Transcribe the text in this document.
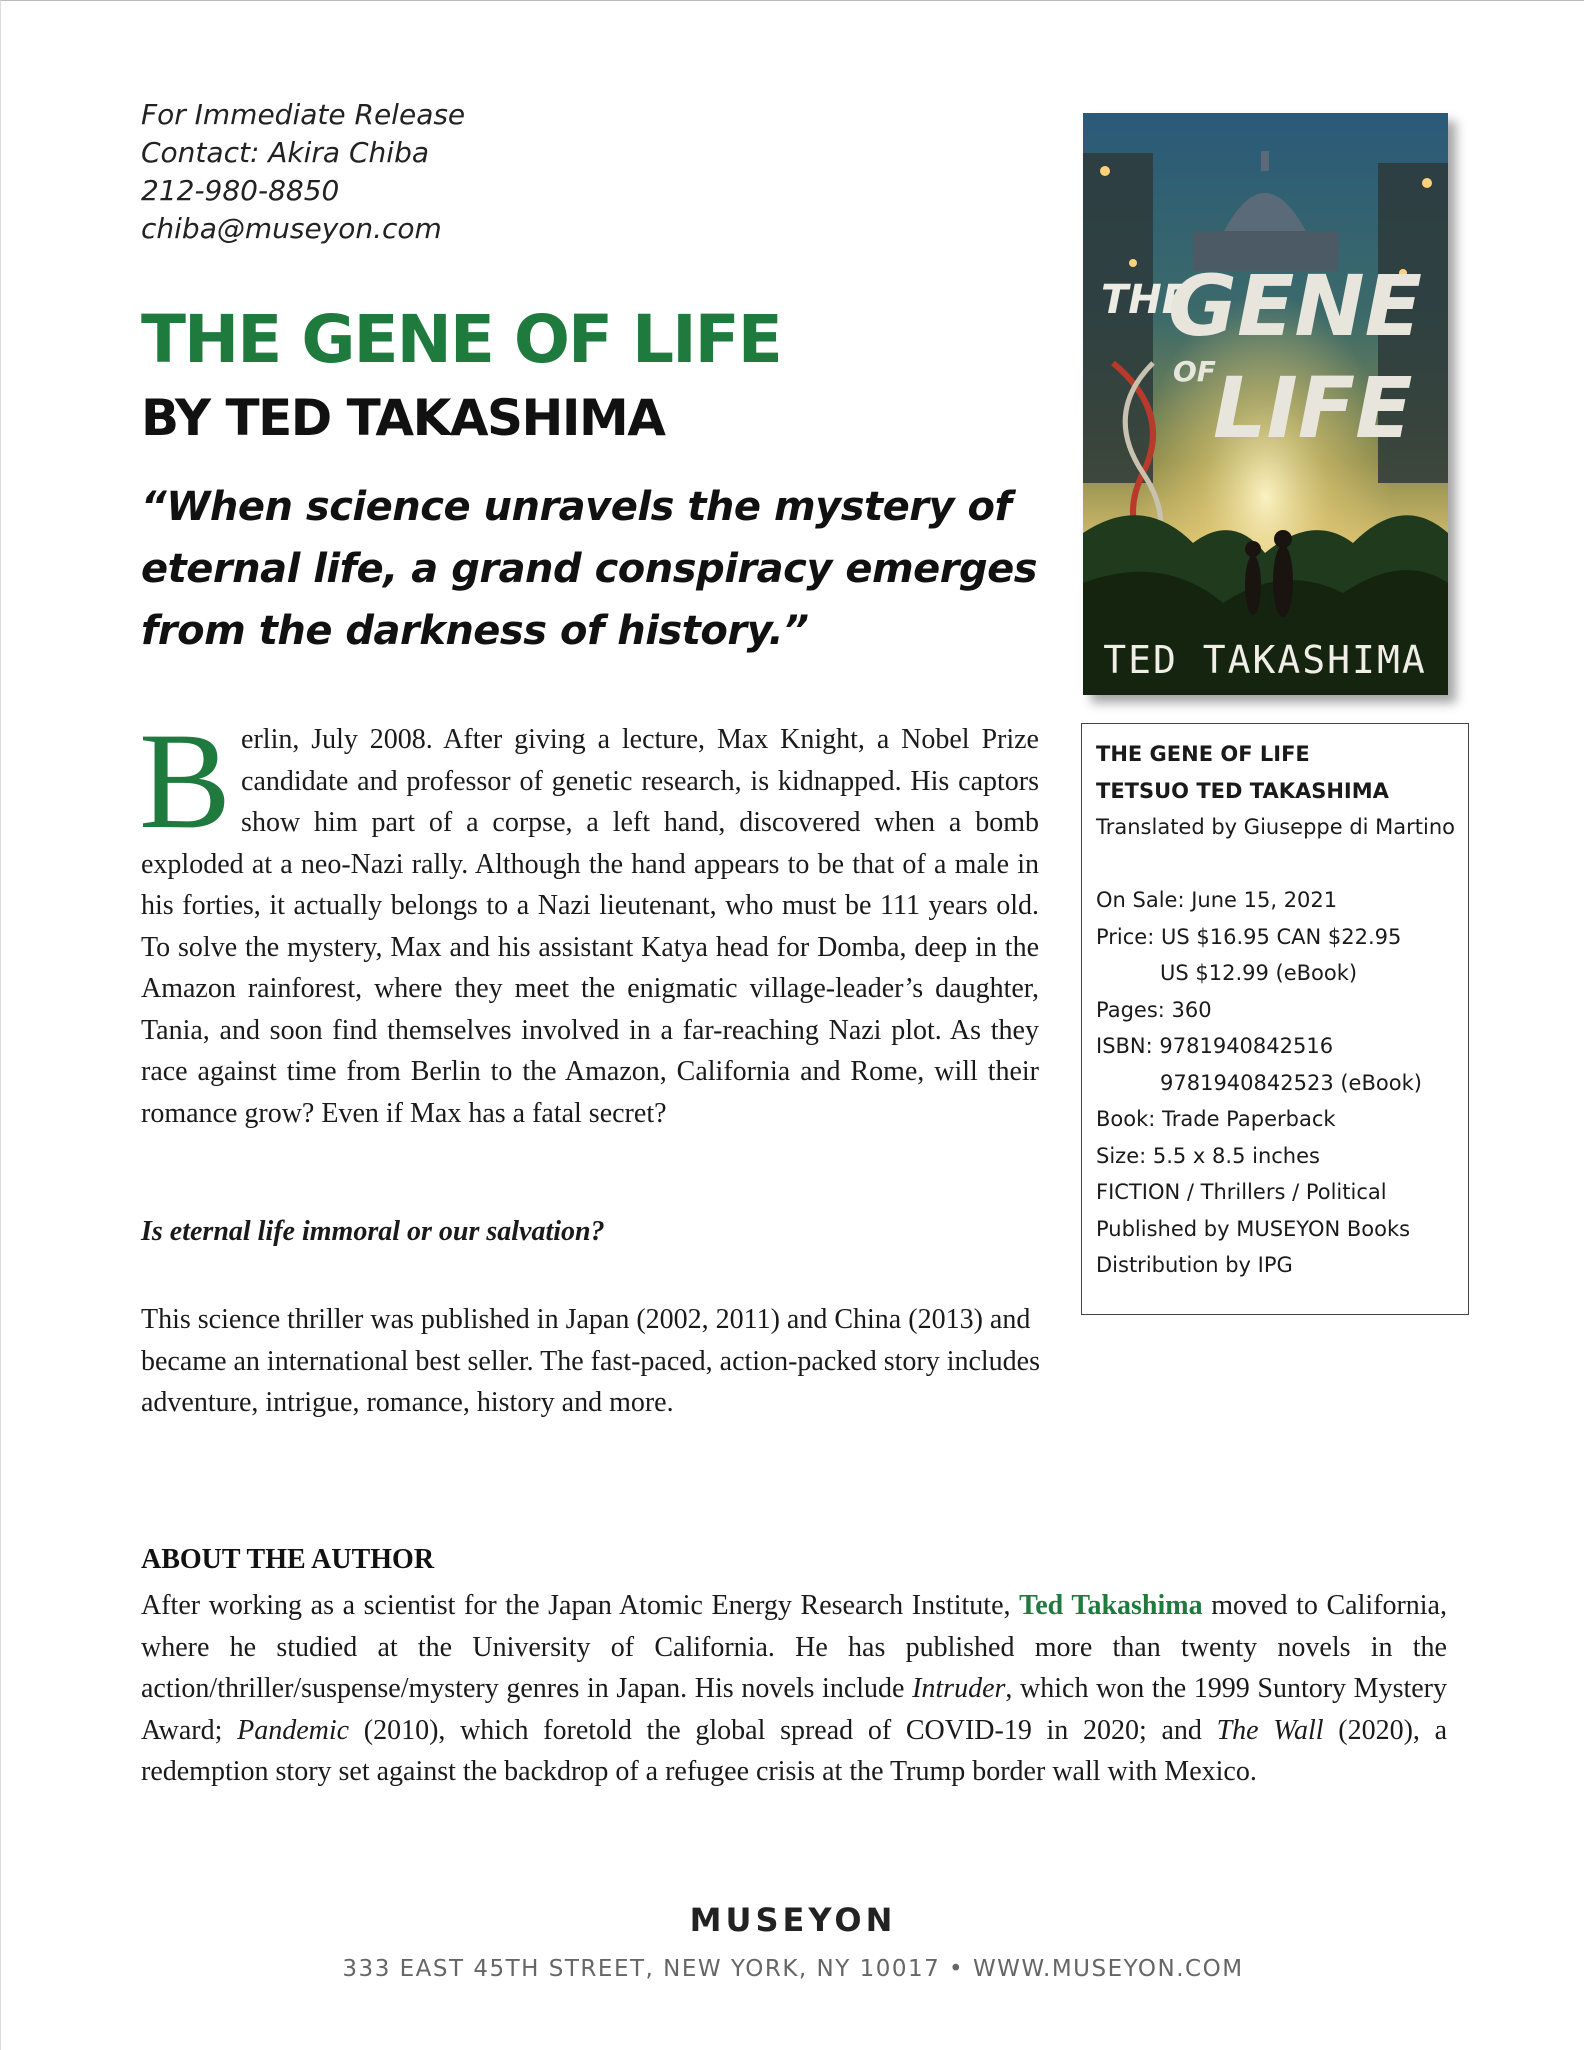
For Immediate Release
Contact: Akira Chiba
212-980-8850
chiba@museyon.com
THE GENE OF LIFE
BY TED TAKASHIMA
“When science unravels the mystery of eternal life, a grand conspiracy emerges from the darkness of history.”
Berlin, July 2008. After giving a lecture, Max Knight, a Nobel Prize candidate and professor of genetic research, is kidnapped. His captors show him part of a corpse, a left hand, discovered when a bomb exploded at a neo-Nazi rally. Although the hand appears to be that of a male in his forties, it actually belongs to a Nazi lieutenant, who must be 111 years old. To solve the mystery, Max and his assistant Katya head for Domba, deep in the Amazon rainforest, where they meet the enigmatic village-leader’s daughter, Tania, and soon find themselves involved in a far-reaching Nazi plot. As they race against time from Berlin to the Amazon, California and Rome, will their romance grow? Even if Max has a fatal secret?
Is eternal life immoral or our salvation?
This science thriller was published in Japan (2002, 2011) and China (2013) and became an international best seller. The fast-paced, action-packed story includes adventure, intrigue, romance, history and more.
ABOUT THE AUTHOR
After working as a scientist for the Japan Atomic Energy Research Institute, Ted Takashima moved to California, where he studied at the University of California. He has published more than twenty novels in the action/thriller/suspense/mystery genres in Japan. His novels include Intruder, which won the 1999 Suntory Mystery Award; Pandemic (2010), which foretold the global spread of COVID-19 in 2020; and The Wall (2020), a redemption story set against the backdrop of a refugee crisis at the Trump border wall with Mexico.
THE
GENE
OF
LIFE
TED TAKASHIMA
THE GENE OF LIFE
TETSUO TED TAKASHIMA
Translated by Giuseppe di Martino
On Sale: June 15, 2021
Price: US $16.95 CAN $22.95
US $12.99 (eBook)
Pages: 360
ISBN: 9781940842516
9781940842523 (eBook)
Book: Trade Paperback
Size: 5.5 x 8.5 inches
FICTION / Thrillers / Political
Published by MUSEYON Books
Distribution by IPG
MUSEYON
333 EAST 45TH STREET, NEW YORK, NY 10017 • WWW.MUSEYON.COM
